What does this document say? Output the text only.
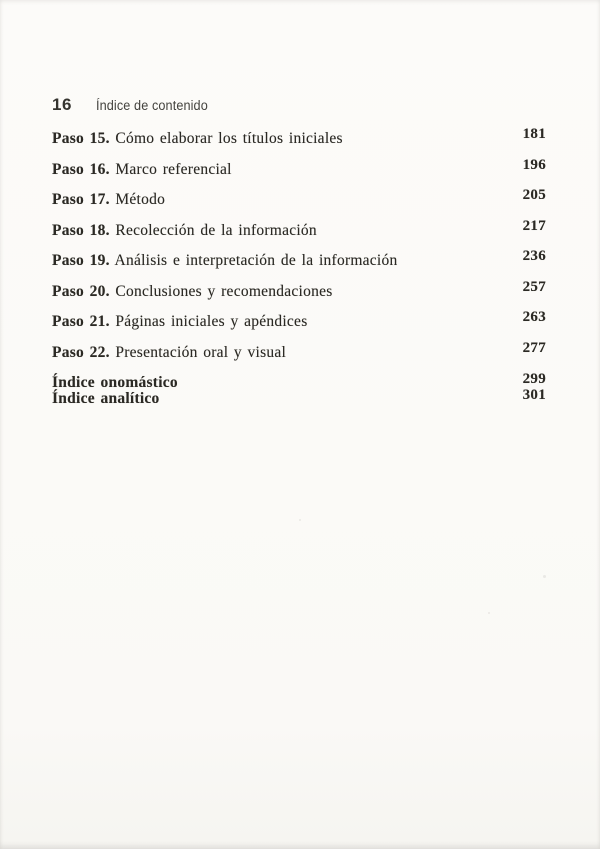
16 Índice de contenido
Paso 15. Cómo elaborar los títulos iniciales	181
Paso 16. Marco referencial	196
Paso 17. Método	205
Paso 18. Recolección de la información	217
Paso 19. Análisis e interpretación de la información	236
Paso 20. Conclusiones y recomendaciones	257
Paso 21. Páginas iniciales y apéndices	263
Paso 22. Presentación oral y visual	277
Índice onomástico	299
Índice analítico	301
